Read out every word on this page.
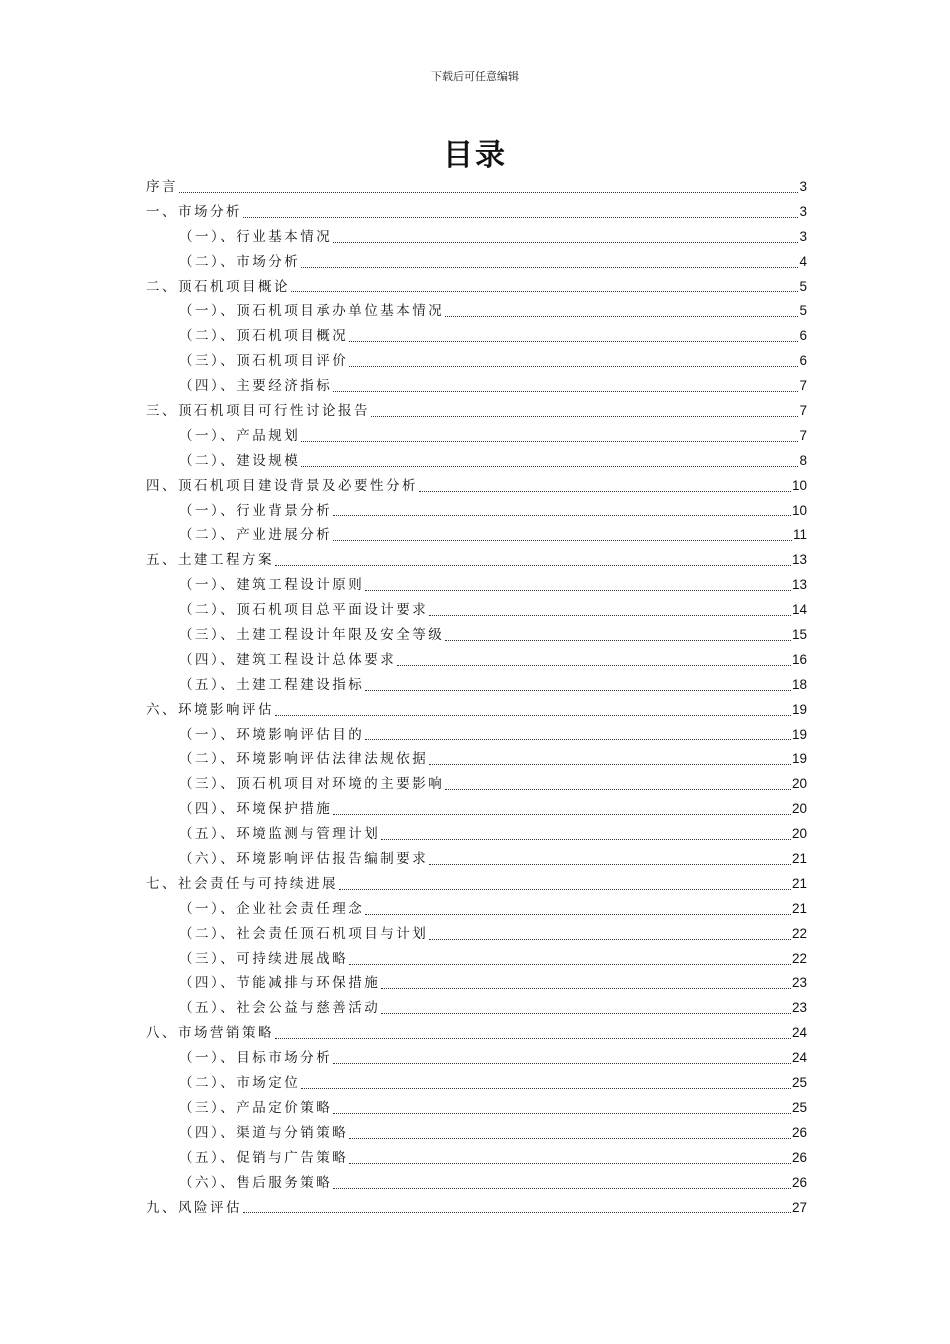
下载后可任意编辑
目录
序言	3
一、市场分析	3
（一）、行业基本情况	3
（二）、市场分析	4
二、顶石机项目概论	5
（一）、顶石机项目承办单位基本情况	5
（二）、顶石机项目概况	6
（三）、顶石机项目评价	6
（四）、主要经济指标	7
三、顶石机项目可行性讨论报告	7
（一）、产品规划	7
（二）、建设规模	8
四、顶石机项目建设背景及必要性分析	10
（一）、行业背景分析	10
（二）、产业进展分析	11
五、土建工程方案	13
（一）、建筑工程设计原则	13
（二）、顶石机项目总平面设计要求	14
（三）、土建工程设计年限及安全等级	15
（四）、建筑工程设计总体要求	16
（五）、土建工程建设指标	18
六、环境影响评估	19
（一）、环境影响评估目的	19
（二）、环境影响评估法律法规依据	19
（三）、顶石机项目对环境的主要影响	20
（四）、环境保护措施	20
（五）、环境监测与管理计划	20
（六）、环境影响评估报告编制要求	21
七、社会责任与可持续进展	21
（一）、企业社会责任理念	21
（二）、社会责任顶石机项目与计划	22
（三）、可持续进展战略	22
（四）、节能减排与环保措施	23
（五）、社会公益与慈善活动	23
八、市场营销策略	24
（一）、目标市场分析	24
（二）、市场定位	25
（三）、产品定价策略	25
（四）、渠道与分销策略	26
（五）、促销与广告策略	26
（六）、售后服务策略	26
九、风险评估	27
